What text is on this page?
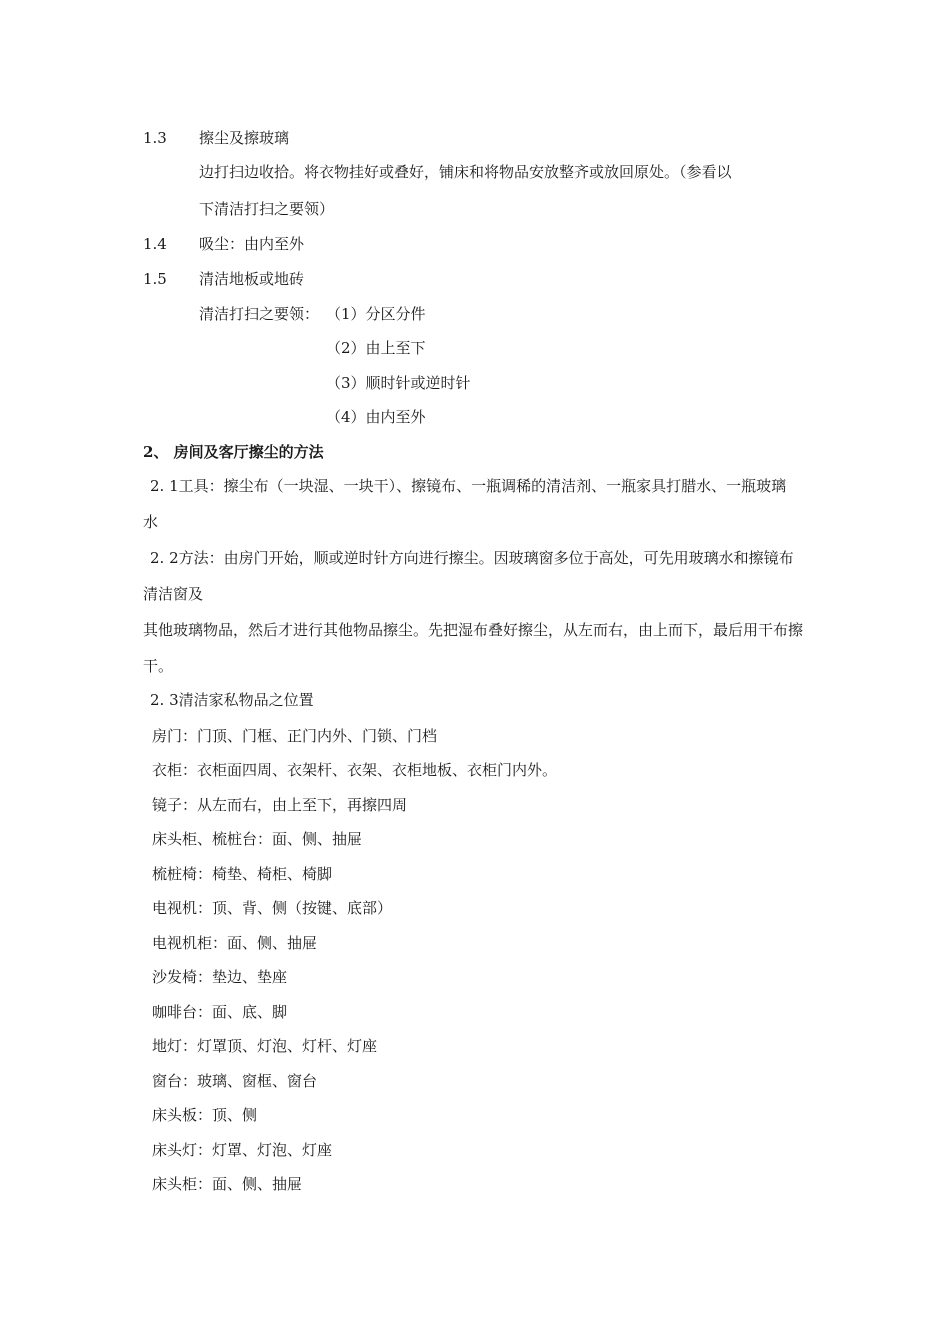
1.3 擦尘及擦玻璃
边打扫边收拾。将衣物挂好或叠好，铺床和将物品安放整齐或放回原处。（参看以
下清洁打扫之要领）
1.4 吸尘：由内至外
1.5 清洁地板或地砖
清洁打扫之要领： （1）分区分件
（2）由上至下
（3）顺时针或逆时针
（4）由内至外
2、 房间及客厅擦尘的方法
2. 1工具：擦尘布（一块湿、一块干）、擦镜布、一瓶调稀的清洁剂、一瓶家具打腊水、一瓶玻璃
水
2. 2方法：由房门开始，顺或逆时针方向进行擦尘。因玻璃窗多位于高处，可先用玻璃水和擦镜布
清洁窗及
其他玻璃物品，然后才进行其他物品擦尘。先把湿布叠好擦尘，从左而右，由上而下，最后用干布擦
干。
2. 3清洁家私物品之位置
房门：门顶、门框、正门内外、门锁、门档
衣柜：衣柜面四周、衣架杆、衣架、衣柜地板、衣柜门内外。
镜子：从左而右，由上至下，再擦四周
床头柜、梳桩台：面、侧、抽屉
梳桩椅：椅垫、椅柜、椅脚
电视机：顶、背、侧（按键、底部）
电视机柜：面、侧、抽屉
沙发椅：垫边、垫座
咖啡台：面、底、脚
地灯：灯罩顶、灯泡、灯杆、灯座
窗台：玻璃、窗框、窗台
床头板：顶、侧
床头灯：灯罩、灯泡、灯座
床头柜：面、侧、抽屉
